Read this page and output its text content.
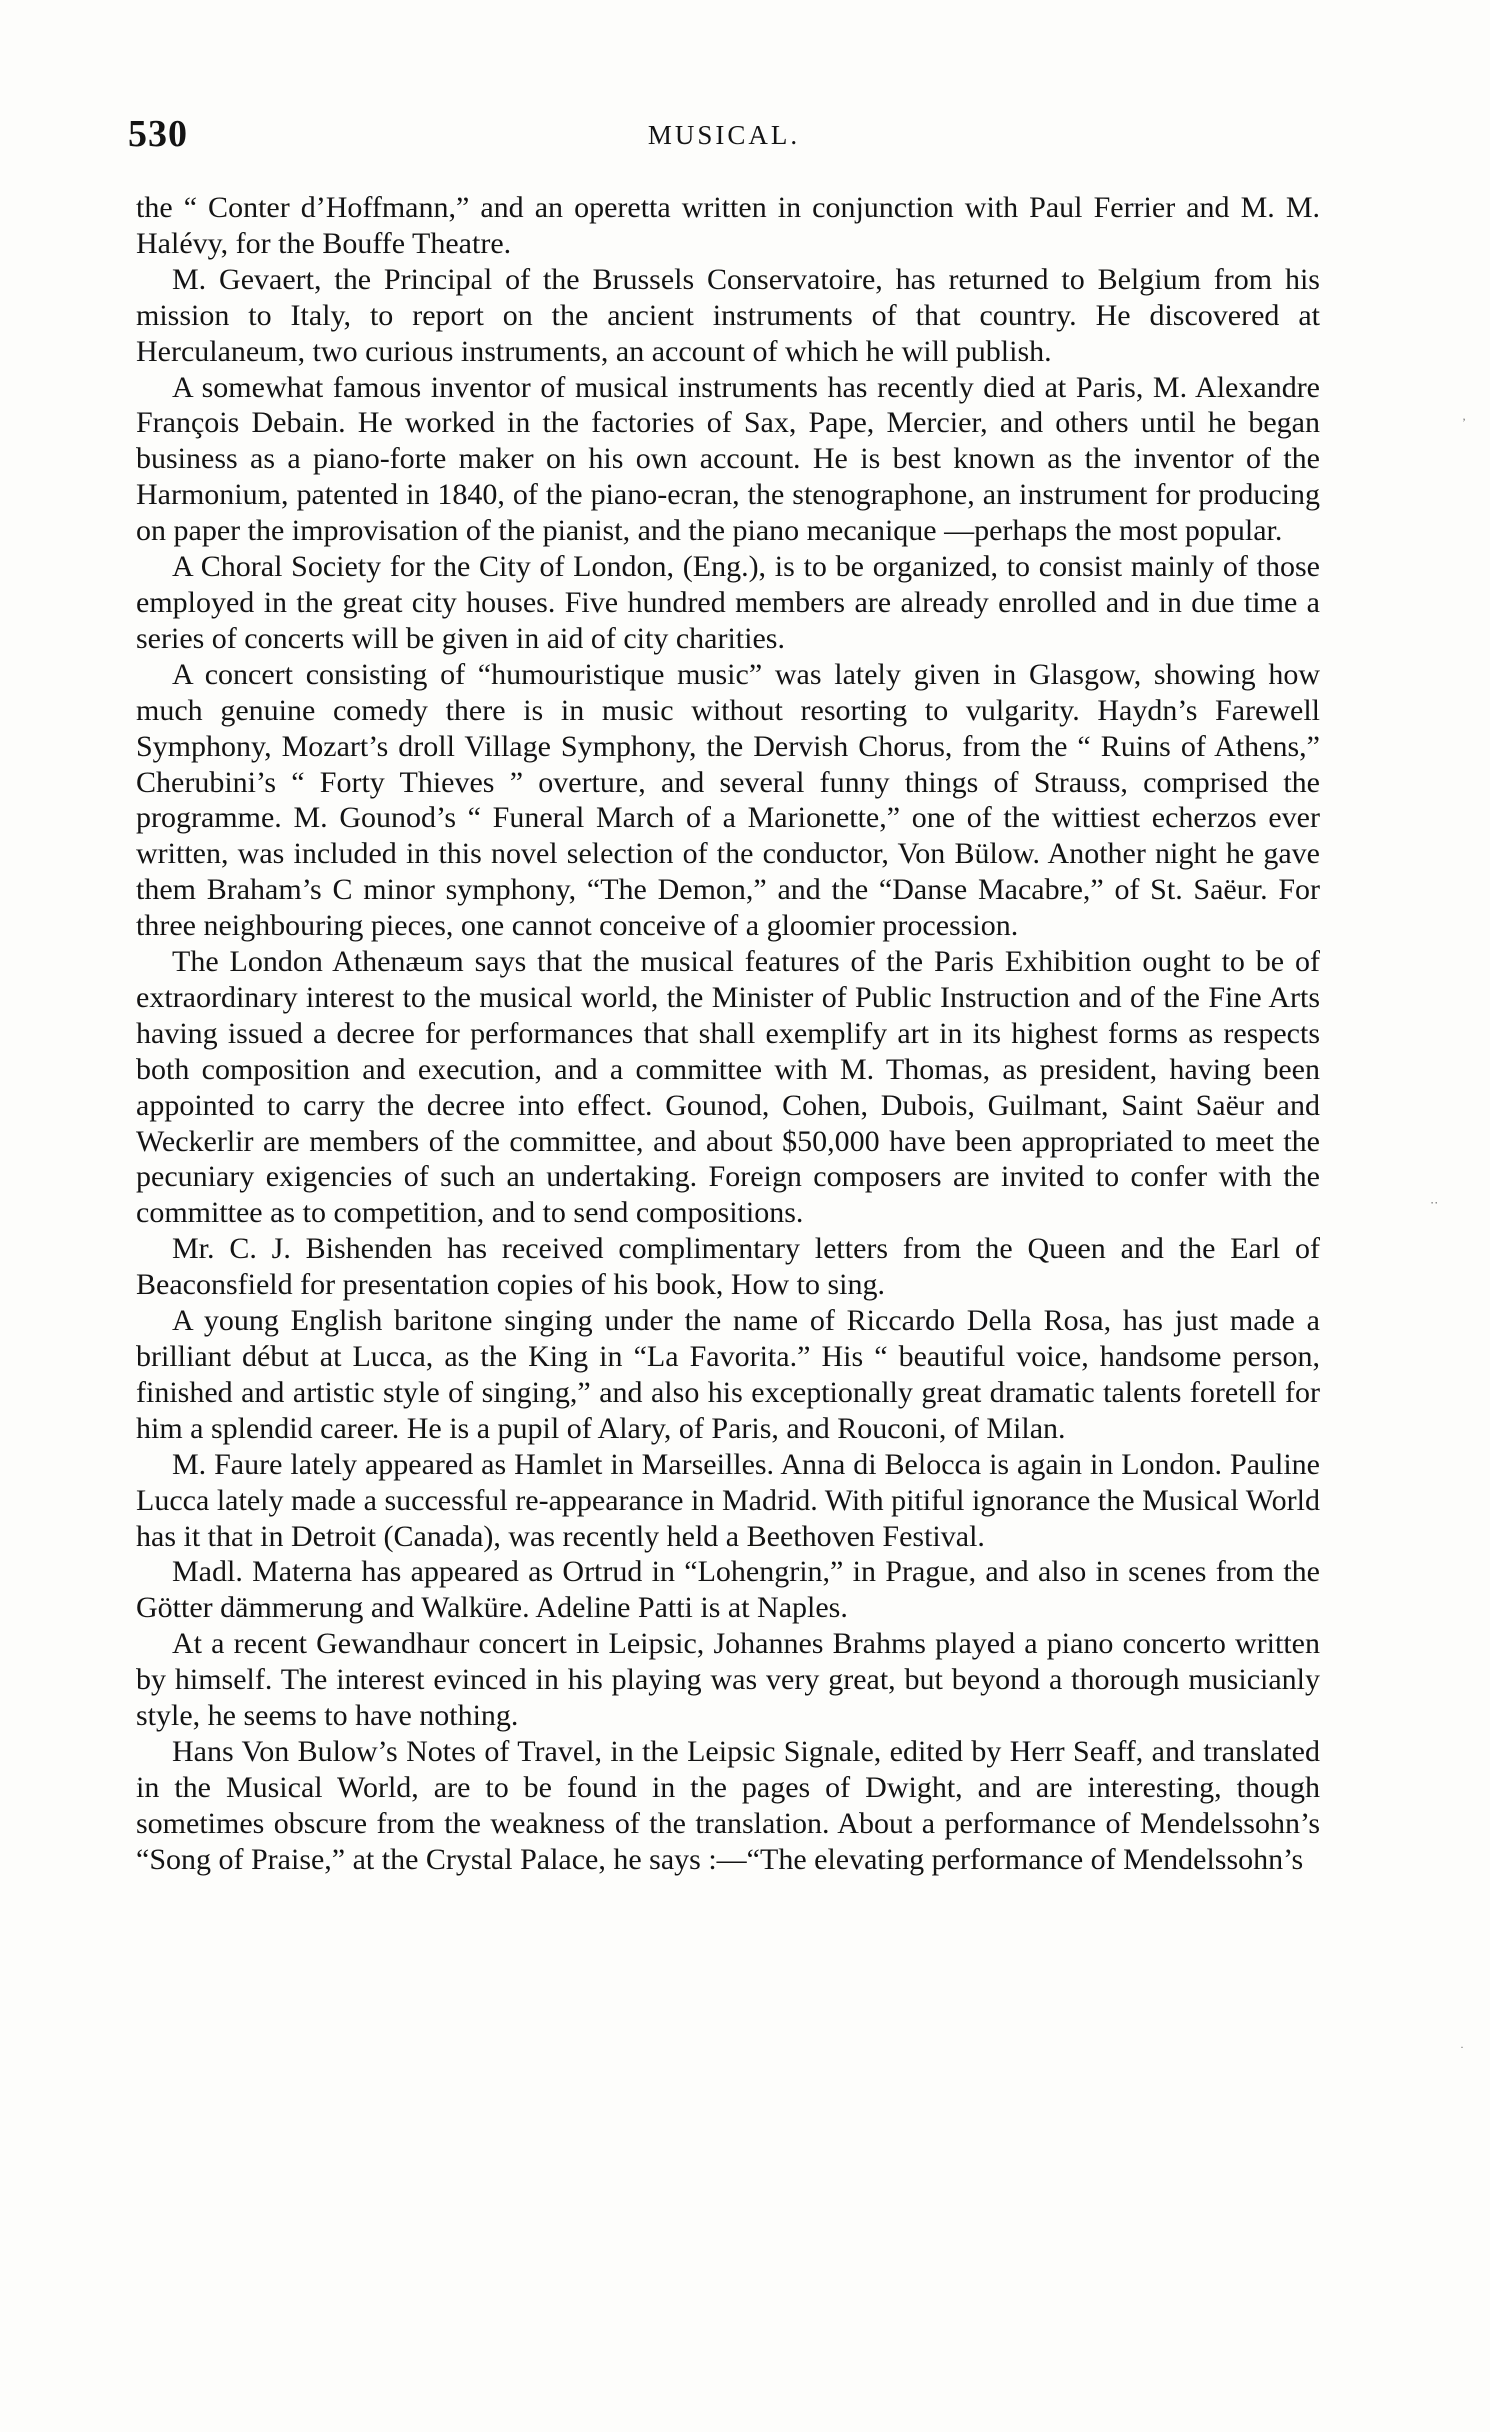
530	MUSICAL.

the “ Conter d’Hoffmann,” and an operetta written in conjunction with Paul Ferrier and M. M. Halévy, for the Bouffe Theatre.

M. Gevaert, the Principal of the Brussels Conservatoire, has returned to Belgium from his mission to Italy, to report on the ancient instruments of that country. He discovered at Herculaneum, two curious instruments, an account of which he will publish.

A somewhat famous inventor of musical instruments has recently died at Paris, M. Alexandre François Debain. He worked in the factories of Sax, Pape, Mercier, and others until he began business as a piano-forte maker on his own account. He is best known as the inventor of the Harmonium, patented in 1840, of the piano-ecran, the stenographone, an instrument for producing on paper the improvisation of the pianist, and the piano mecanique —perhaps the most popular.

A Choral Society for the City of London, (Eng.), is to be organized, to consist mainly of those employed in the great city houses. Five hundred members are already enrolled and in due time a series of concerts will be given in aid of city charities.

A concert consisting of “humouristique music” was lately given in Glasgow, showing how much genuine comedy there is in music without resorting to vulgarity. Haydn’s Farewell Symphony, Mozart’s droll Village Symphony, the Dervish Chorus, from the “ Ruins of Athens,” Cherubini’s “ Forty Thieves ” overture, and several funny things of Strauss, comprised the programme. M. Gounod’s “ Funeral March of a Marionette,” one of the wittiest echerzos ever written, was included in this novel selection of the conductor, Von Bülow. Another night he gave them Braham’s C minor symphony, “The Demon,” and the “Danse Macabre,” of St. Saëur. For three neighbouring pieces, one cannot conceive of a gloomier procession.

The London Athenæum says that the musical features of the Paris Exhibition ought to be of extraordinary interest to the musical world, the Minister of Public Instruction and of the Fine Arts having issued a decree for performances that shall exemplify art in its highest forms as respects both composition and execution, and a committee with M. Thomas, as president, having been appointed to carry the decree into effect. Gounod, Cohen, Dubois, Guilmant, Saint Saëur and Weckerlir are members of the committee, and about $50,000 have been appropriated to meet the pecuniary exigencies of such an undertaking. Foreign composers are invited to confer with the committee as to competition, and to send compositions.

Mr. C. J. Bishenden has received complimentary letters from the Queen and the Earl of Beaconsfield for presentation copies of his book, How to sing.

A young English baritone singing under the name of Riccardo Della Rosa, has just made a brilliant début at Lucca, as the King in “La Favorita.” His “ beautiful voice, handsome person, finished and artistic style of singing,” and also his exceptionally great dramatic talents foretell for him a splendid career. He is a pupil of Alary, of Paris, and Rouconi, of Milan.

M. Faure lately appeared as Hamlet in Marseilles. Anna di Belocca is again in London. Pauline Lucca lately made a successful re-appearance in Madrid. With pitiful ignorance the Musical World has it that in Detroit (Canada), was recently held a Beethoven Festival.

Madl. Materna has appeared as Ortrud in “Lohengrin,” in Prague, and also in scenes from the Götter dämmerung and Walküre. Adeline Patti is at Naples.

At a recent Gewandhaur concert in Leipsic, Johannes Brahms played a piano concerto written by himself. The interest evinced in his playing was very great, but beyond a thorough musicianly style, he seems to have nothing.

Hans Von Bulow’s Notes of Travel, in the Leipsic Signale, edited by Herr Seaff, and translated in the Musical World, are to be found in the pages of Dwight, and are interesting, though sometimes obscure from the weakness of the translation. About a performance of Mendelssohn’s “Song of Praise,” at the Crystal Palace, he says :—“The elevating performance of Mendelssohn’s

’
⋅⋅
·
